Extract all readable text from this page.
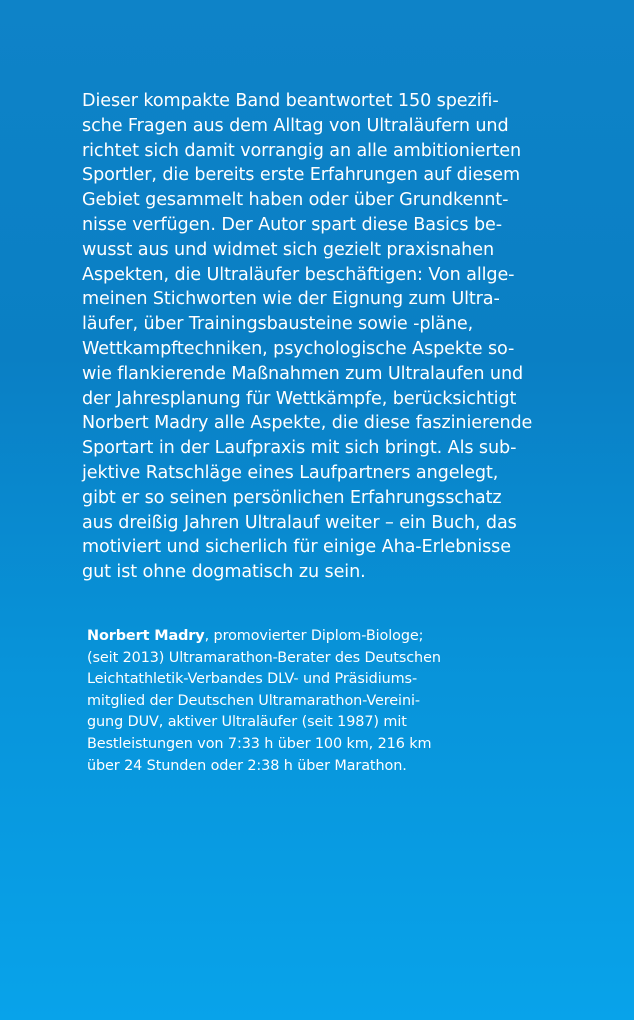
Dieser kompakte Band beantwortet 150 spezifi-
sche Fragen aus dem Alltag von Ultraläufern und
richtet sich damit vorrangig an alle ambitionierten
Sportler, die bereits erste Erfahrungen auf diesem
Gebiet gesammelt haben oder über Grundkennt-
nisse verfügen. Der Autor spart diese Basics be-
wusst aus und widmet sich gezielt praxisnahen
Aspekten, die Ultraläufer beschäftigen: Von allge-
meinen Stichworten wie der Eignung zum Ultra-
läufer, über Trainingsbausteine sowie -pläne,
Wettkampftechniken, psychologische Aspekte so-
wie flankierende Maßnahmen zum Ultralaufen und
der Jahresplanung für Wettkämpfe, berücksichtigt
Norbert Madry alle Aspekte, die diese faszinierende
Sportart in der Laufpraxis mit sich bringt. Als sub-
jektive Ratschläge eines Laufpartners angelegt,
gibt er so seinen persönlichen Erfahrungsschatz
aus dreißig Jahren Ultralauf weiter – ein Buch, das
motiviert und sicherlich für einige Aha-Erlebnisse
gut ist ohne dogmatisch zu sein.
Norbert Madry, promovierter Diplom-Biologe;
(seit 2013) Ultramarathon-Berater des Deutschen
Leichtathletik-Verbandes DLV- und Präsidiums-
mitglied der Deutschen Ultramarathon-Vereini-
gung DUV, aktiver Ultraläufer (seit 1987) mit
Bestleistungen von 7:33 h über 100 km, 216 km
über 24 Stunden oder 2:38 h über Marathon.
